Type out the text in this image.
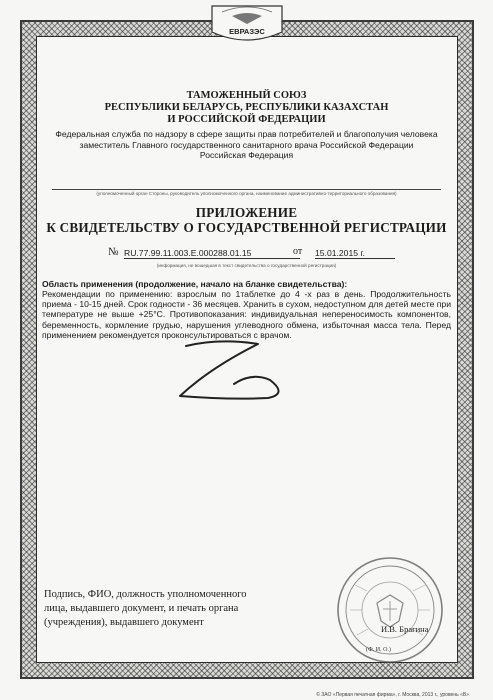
ЕВРАЗЭС

ТАМОЖЕННЫЙ СОЮЗ

РЕСПУБЛИКИ БЕЛАРУСЬ, РЕСПУБЛИКИ КАЗАХСТАН

И РОССИЙСКОЙ ФЕДЕРАЦИИ

Федеральная служба по надзору в сфере защиты прав потребителей и благополучия человека
заместитель Главного государственного санитарного врача Российской Федерации
Российская Федерация
(уполномоченный орган Стороны, руководитель уполномоченного органа, наименование административно-территориального образования)
ПРИЛОЖЕНИЕ
К СВИДЕТЕЛЬСТВУ О ГОСУДАРСТВЕННОЙ РЕГИСТРАЦИИ
№ RU.77.99.11.003.E.000288.01.15	от 15.01.2015 г.
(информация, не вошедшая в текст свидетельства о государственной регистрации)
Область применения (продолжение, начало на бланке свидетельства):
Рекомендации по применению: взрослым по 1таблетке до 4 -х раз в день. Продолжительность приема - 10-15 дней. Срок годности - 36 месяцев. Хранить в сухом, недоступном для детей месте при температуре не выше +25°С. Противопоказания: индивидуальная непереносимость компонентов, беременность, кормление грудью, нарушения углеводного обмена, избыточная масса тела. Перед применением рекомендуется проконсультироваться с врачом.
Подпись, ФИО, должность уполномоченного
лица, выдавшего документ, и печать органа
(учреждения), выдавшего документ
И.В. Брагина
(Ф. И. О.)
© ЗАО «Первая печатная фирма», г. Москва, 2013 г., уровень «В»
